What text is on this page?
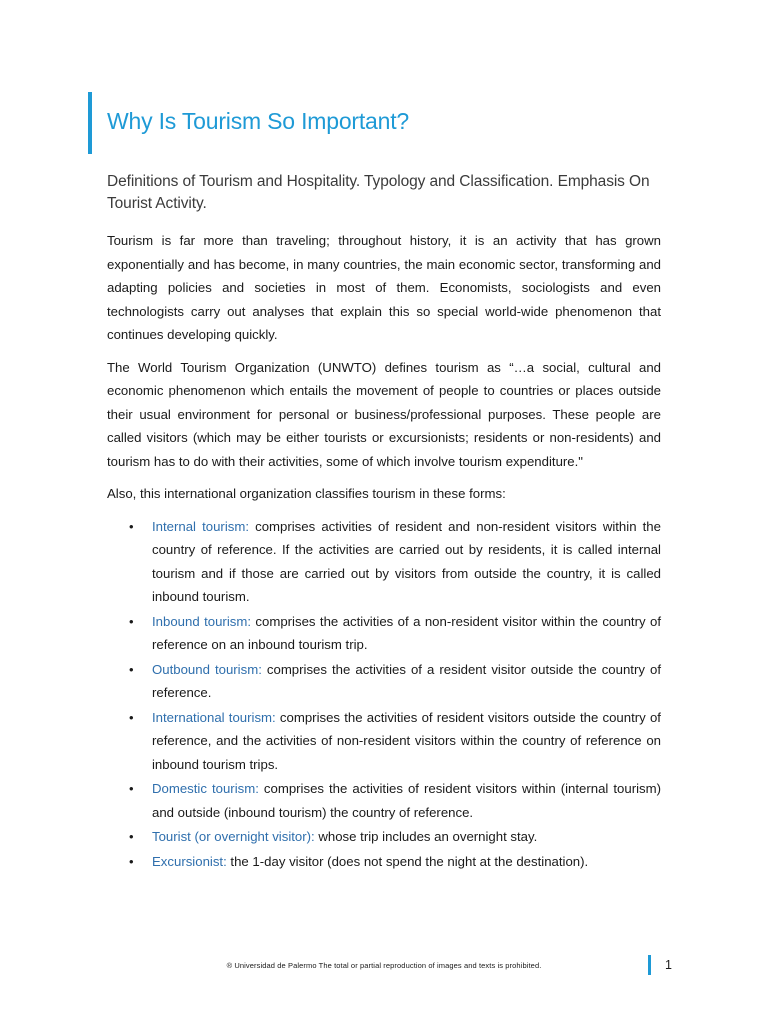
Why Is Tourism So Important?
Definitions of Tourism and Hospitality. Typology and Classification. Emphasis On Tourist Activity.

Tourism is far more than traveling; throughout history, it is an activity that has grown exponentially and has become, in many countries, the main economic sector, transforming and adapting policies and societies in most of them. Economists, sociologists and even technologists carry out analyses that explain this so special world-wide phenomenon that continues developing quickly.

The World Tourism Organization (UNWTO) defines tourism as “…a social, cultural and economic phenomenon which entails the movement of people to countries or places outside their usual environment for personal or business/professional purposes. These people are called visitors (which may be either tourists or excursionists; residents or non-residents) and tourism has to do with their activities, some of which involve tourism expenditure."

Also, this international organization classifies tourism in these forms:

• Internal tourism: comprises activities of resident and non-resident visitors within the country of reference. If the activities are carried out by residents, it is called internal tourism and if those are carried out by visitors from outside the country, it is called inbound tourism.
• Inbound tourism: comprises the activities of a non-resident visitor within the country of reference on an inbound tourism trip.
• Outbound tourism: comprises the activities of a resident visitor outside the country of reference.
• International tourism: comprises the activities of resident visitors outside the country of reference, and the activities of non-resident visitors within the country of reference on inbound tourism trips.
• Domestic tourism: comprises the activities of resident visitors within (internal tourism) and outside (inbound tourism) the country of reference.
• Tourist (or overnight visitor): whose trip includes an overnight stay.
• Excursionist: the 1-day visitor (does not spend the night at the destination).
® Universidad de Palermo The total or partial reproduction of images and texts is prohibited.	1
